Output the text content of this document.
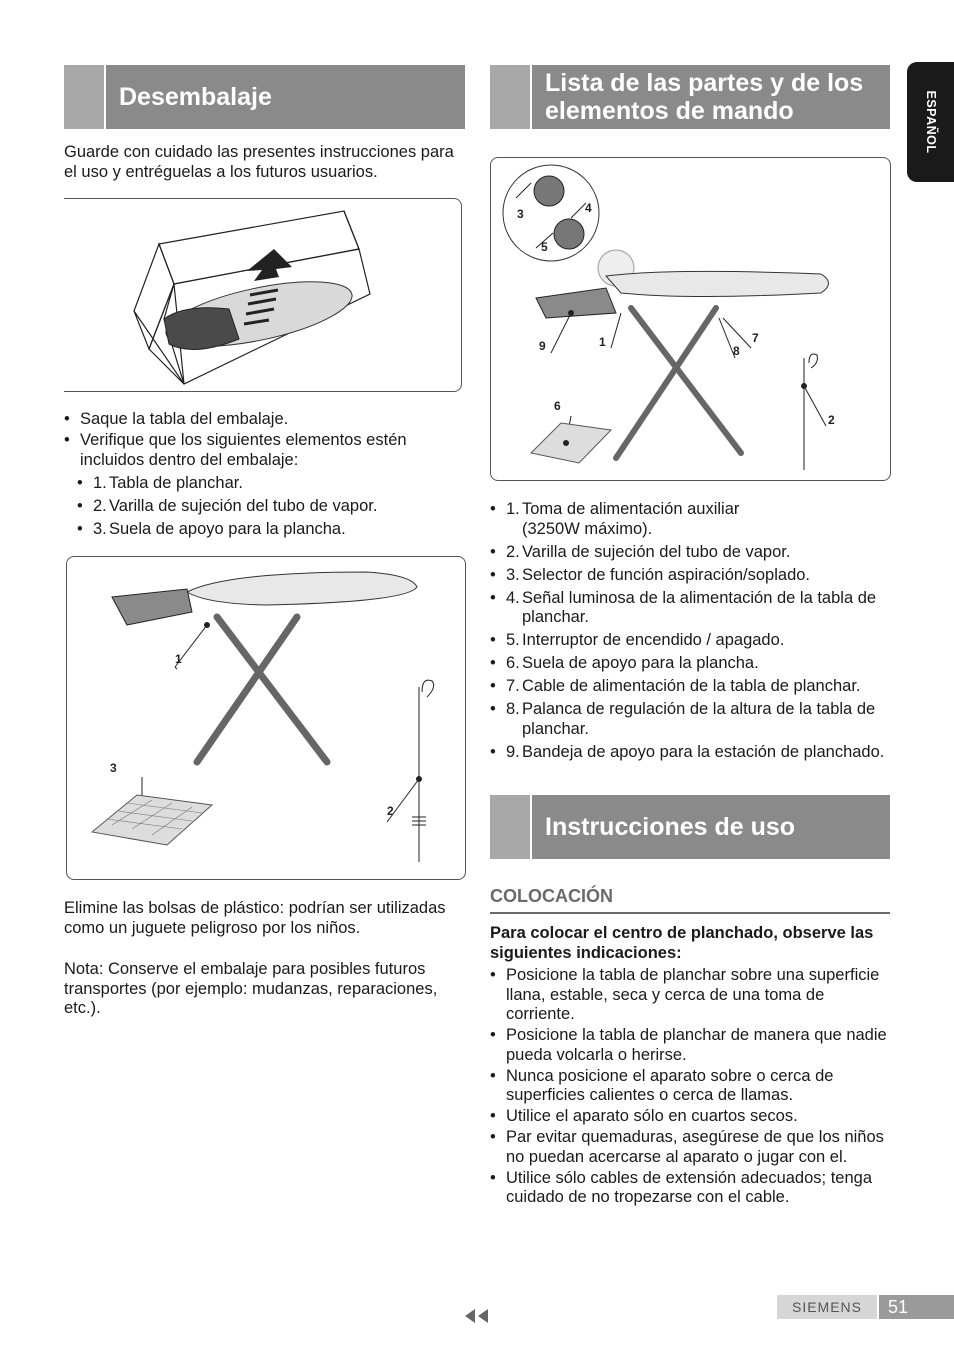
ESPAÑOL
Desembalaje
Guarde con cuidado las presentes instrucciones para el uso y entréguelas a los futuros usuarios.
• Saque la tabla del embalaje.
• Verifique que los siguientes elementos estén incluidos dentro del embalaje:
• 1. Tabla de planchar.
• 2. Varilla de sujeción del tubo de vapor.
• 3. Suela de apoyo para la plancha.
1
2
3
Elimine las bolsas de plástico: podrían ser utilizadas como un juguete peligroso por los niños.
Nota: Conserve el embalaje para posibles futuros transportes (por ejemplo: mudanzas, reparaciones, etc.).
Lista de las partes y de los elementos de mando
3	4
5
9	1
8
7
2
6
• 1. Toma de alimentación auxiliar (3250W máximo).
• 2. Varilla de sujeción del tubo de vapor.
• 3. Selector de función aspiración/soplado.
• 4. Señal luminosa de la alimentación de la tabla de planchar.
• 5. Interruptor de encendido / apagado.
• 6. Suela de apoyo para la plancha.
• 7. Cable de alimentación de la tabla de planchar.
• 8. Palanca de regulación de la altura de la tabla de planchar.
• 9. Bandeja de apoyo para la estación de planchado.
Instrucciones de uso
COLOCACIÓN
Para colocar el centro de planchado, observe las siguientes indicaciones:
• Posicione la tabla de planchar sobre una superficie llana, estable, seca y cerca de una toma de corriente.
• Posicione la tabla de planchar de manera que nadie pueda volcarla o herirse.
• Nunca posicione el aparato sobre o cerca de superficies calientes o cerca de llamas.
• Utilice el aparato sólo en cuartos secos.
• Par evitar quemaduras, asegúrese de que los niños no puedan acercarse al aparato o jugar con el.
• Utilice sólo cables de extensión adecuados; tenga cuidado de no tropezarse con el cable.
SIEMENS	51
